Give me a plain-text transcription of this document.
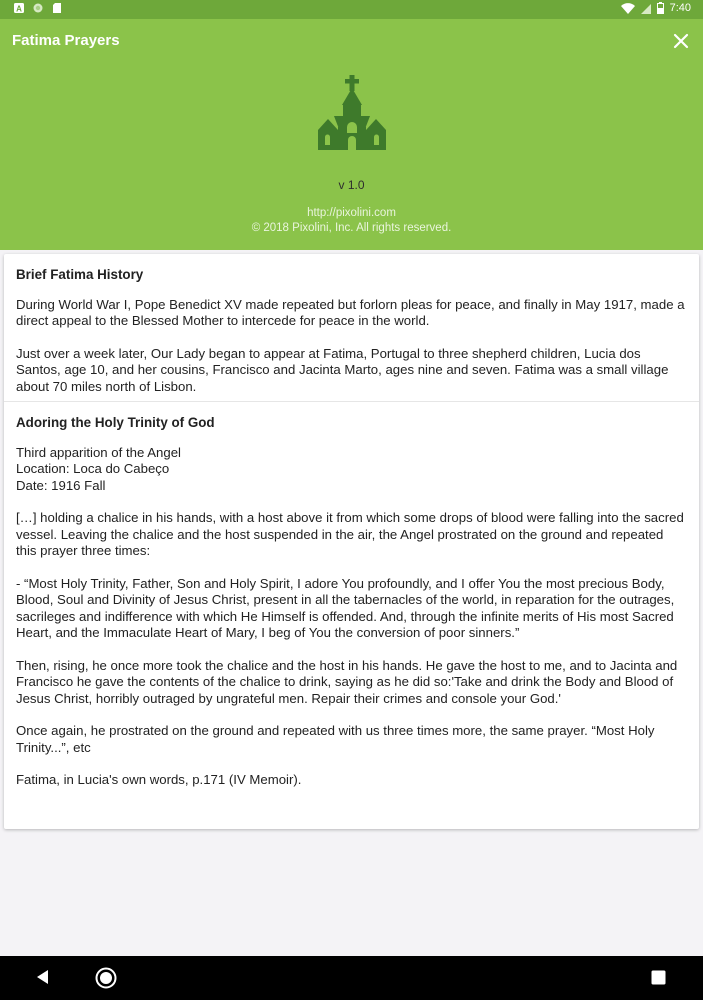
A	7:40
Fatima Prayers
v 1.0
http://pixolini.com
© 2018 Pixolini, Inc. All rights reserved.
Brief Fatima History
During World War I, Pope Benedict XV made repeated but forlorn pleas for peace, and finally in May 1917, made a direct appeal to the Blessed Mother to intercede for peace in the world.
Just over a week later, Our Lady began to appear at Fatima, Portugal to three shepherd children, Lucia dos Santos, age 10, and her cousins, Francisco and Jacinta Marto, ages nine and seven. Fatima was a small village about 70 miles north of Lisbon.
Adoring the Holy Trinity of God
Third apparition of the Angel
Location: Loca do Cabeço
Date: 1916 Fall
[…] holding a chalice in his hands, with a host above it from which some drops of blood were falling into the sacred vessel. Leaving the chalice and the host suspended in the air, the Angel prostrated on the ground and repeated this prayer three times:
- “Most Holy Trinity, Father, Son and Holy Spirit, I adore You profoundly, and I offer You the most precious Body, Blood, Soul and Divinity of Jesus Christ, present in all the tabernacles of the world, in reparation for the outrages, sacrileges and indifference with which He Himself is offended. And, through the infinite merits of His most Sacred Heart, and the Immaculate Heart of Mary, I beg of You the conversion of poor sinners.”
Then, rising, he once more took the chalice and the host in his hands. He gave the host to me, and to Jacinta and Francisco he gave the contents of the chalice to drink, saying as he did so:'Take and drink the Body and Blood of Jesus Christ, horribly outraged by ungrateful men. Repair their crimes and console your God.'
Once again, he prostrated on the ground and repeated with us three times more, the same prayer. “Most Holy Trinity...”, etc
Fatima, in Lucia's own words, p.171 (IV Memoir).
